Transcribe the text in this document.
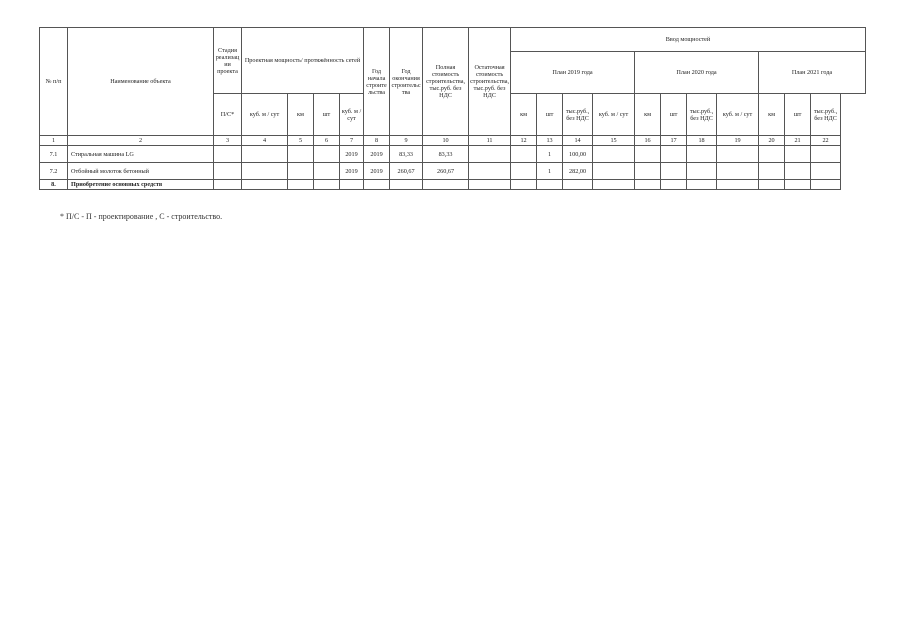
№ п/п	Наименование объекта	Стадия реализации проекта	Проектная мощность/ протяжённость сетей				Год начала строительства	Год окончания строительства	Полная стоимость строительства, тыс.руб. без НДС	Остаточная стоимость строительства, тыс.руб. без НДС	Ввод мощностей										
											План 2019 года				План 2020 года				План 2021 года		
		П/С*	куб. м / сут	км	шт	куб. м / сут					км	шт	тыс.руб., без НДС	куб. м / сут	км	шт	тыс.руб., без НДС	куб. м / сут	км	шт	тыс.руб., без НДС
1	2	3	4	5	6	7	8	9	10	11	12	13	14	15	16	17	18	19	20	21	22
7.1	Стиральная машина LG					2019	2019	83,33	83,33			1	100,00								
7.2	Отбойный молоток бетонный					2019	2019	260,67	260,67			1	282,00								
8.	Приобретение основных средств																				
* П/С - П - проектирование , С - строительство.
